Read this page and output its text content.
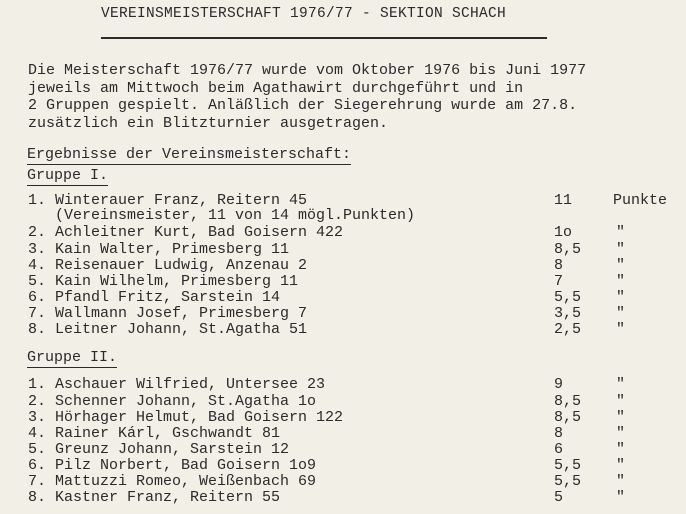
VEREINSMEISTERSCHAFT 1976/77 - SEKTION SCHACH
Die Meisterschaft 1976/77 wurde vom Oktober 1976 bis Juni 1977
jeweils am Mittwoch beim Agathawirt durchgeführt und in
2 Gruppen gespielt. Anläßlich der Siegerehrung wurde am 27.8.
zusätzlich ein Blitzturnier ausgetragen.
Ergebnisse der Vereinsmeisterschaft:
Gruppe I.
1. Winterauer Franz, Reitern 45	11	Punkte
(Vereinsmeister, 11 von 14 mögl.Punkten)
2. Achleitner Kurt, Bad Goisern 422	1o	"
3. Kain Walter, Primesberg 11	8,5 "
4. Reisenauer Ludwig, Anzenau 2	8	"
5. Kain Wilhelm, Primesberg 11	7	"
6. Pfandl Fritz, Sarstein 14	5,5 "
7. Wallmann Josef, Primesberg 7	3,5 "
8. Leitner Johann, St.Agatha 51	2,5 "
Gruppe II.
1. Aschauer Wilfried, Untersee 23	9	"
2. Schenner Johann, St.Agatha 1o	8,5 "
3. Hörhager Helmut, Bad Goisern 122	8,5 "
4. Rainer Kárl, Gschwandt 81	8	"
5. Greunz Johann, Sarstein 12	6	"
6. Pilz Norbert, Bad Goisern 1o9	5,5 "
7. Mattuzzi Romeo, Weißenbach 69	5,5 "
8. Kastner Franz, Reitern 55	5	"
